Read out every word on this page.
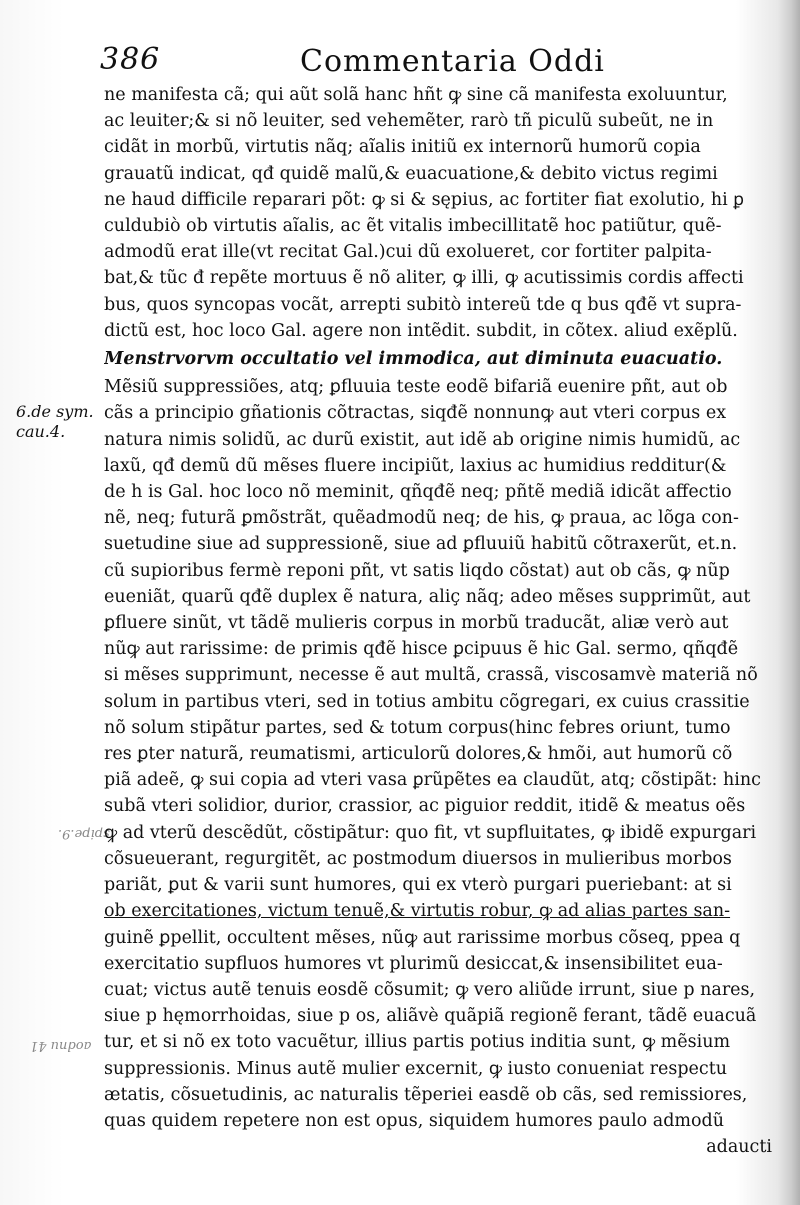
386	Commentaria Oddi
6.de sym.
cau.4.
spipe.9.
aodnu 41
ne manifesta cã; qui aũt solã hanc hñt ꝙ sine cã manifesta exoluuntur,
ac leuiter;& si nõ leuiter, sed vehemẽter, rarò tñ piculũ subeũt, ne in
cidãt in morbũ, virtutis nãq; aĩalis initiũ ex internorũ humorũ copia
grauatũ indicat, qđ quidẽ malũ,& euacuatione,& debito victus regimi
ne haud difficile reparari põt: ꝙ si & sępius, ac fortiter fiat exolutio, hi ꝑ
culdubiò ob virtutis aĩalis, ac ẽt vitalis imbecillitatẽ hoc patiũtur, quẽ-
admodũ erat ille(vt recitat Gal.)cui dũ exolueret, cor fortiter palpita-
bat,& tũc đ repẽte mortuus ẽ nõ aliter, ꝙ illi, ꝙ acutissimis cordis affecti
bus, quos syncopas vocãt, arrepti subitò intereũ tde q bus qđẽ vt supra-
dictũ est, hoc loco Gal. agere non intẽdit. subdit, in cõtex. aliud exẽplũ.
Menstrvorvm occultatio vel immodica, aut diminuta euacuatio.
Mẽsiũ suppressiões, atq; ꝑfluuia teste eodẽ bifariã euenire pñt, aut ob
cãs a principio gñationis cõtractas, siqđẽ nonnunꝙ aut vteri corpus ex
natura nimis solidũ, ac durũ existit, aut idẽ ab origine nimis humidũ, ac
laxũ, qđ demũ dũ mẽses fluere incipiũt, laxius ac humidius redditur(&
de h is Gal. hoc loco nõ meminit, qñqđẽ neq; pñtẽ mediã idicãt affectio
nẽ, neq; futurã ꝑmõstrãt, quẽadmodũ neq; de his, ꝙ praua, ac lõga con-
suetudine siue ad suppressionẽ, siue ad ꝑfluuiũ habitũ cõtraxerũt, et.n.
cũ supioribus fermè reponi pñt, vt satis liqdo cõstat) aut ob cãs, ꝙ nũp
eueniãt, quarũ qđẽ duplex ẽ natura, aliç nãq; adeo mẽses supprimũt, aut
ꝑfluere sinũt, vt tãdẽ mulieris corpus in morbũ traducãt, aliæ verò aut
nũꝙ aut rarissime: de primis qđẽ hisce ꝑcipuus ẽ hic Gal. sermo, qñqđẽ
si mẽses supprimunt, necesse ẽ aut multã, crassã, viscosamvè materiã nõ
solum in partibus vteri, sed in totius ambitu cõgregari, ex cuius crassitie
nõ solum stipãtur partes, sed & totum corpus(hinc febres oriunt, tumo
res ꝑter naturã, reumatismi, articulorũ dolores,& hmõi, aut humorũ cõ
piã adeẽ, ꝙ sui copia ad vteri vasa ꝑrũpẽtes ea claudũt, atq; cõstipãt: hinc
subã vteri solidior, durior, crassior, ac piguior reddit, itidẽ & meatus oẽs
ꝙ ad vterũ descẽdũt, cõstipãtur: quo fit, vt supfluitates, ꝙ ibidẽ expurgari
cõsueuerant, regurgitẽt, ac postmodum diuersos in mulieribus morbos
pariãt, ꝑut & varii sunt humores, qui ex vterò purgari pueriebant: at si
ob exercitationes, victum tenuẽ,& virtutis robur, ꝙ ad alias partes san-
guinẽ ꝑpellit, occultent mẽses, nũꝙ aut rarissime morbus cõseq, ppea q
exercitatio supfluos humores vt plurimũ desiccat,& insensibilitet eua-
cuat; victus autẽ tenuis eosdẽ cõsumit; ꝙ vero aliũde irrunt, siue p nares,
siue p hęmorrhoidas, siue p os, aliãvè quãpiã regionẽ ferant, tãdẽ euacuã
tur, et si nõ ex toto vacuẽtur, illius partis potius inditia sunt, ꝙ mẽsium
suppressionis. Minus autẽ mulier excernit, ꝙ iusto conueniat respectu
ætatis, cõsuetudinis, ac naturalis tẽperiei easdẽ ob cãs, sed remissiores,
quas quidem repetere non est opus, siquidem humores paulo admodũ
adaucti
